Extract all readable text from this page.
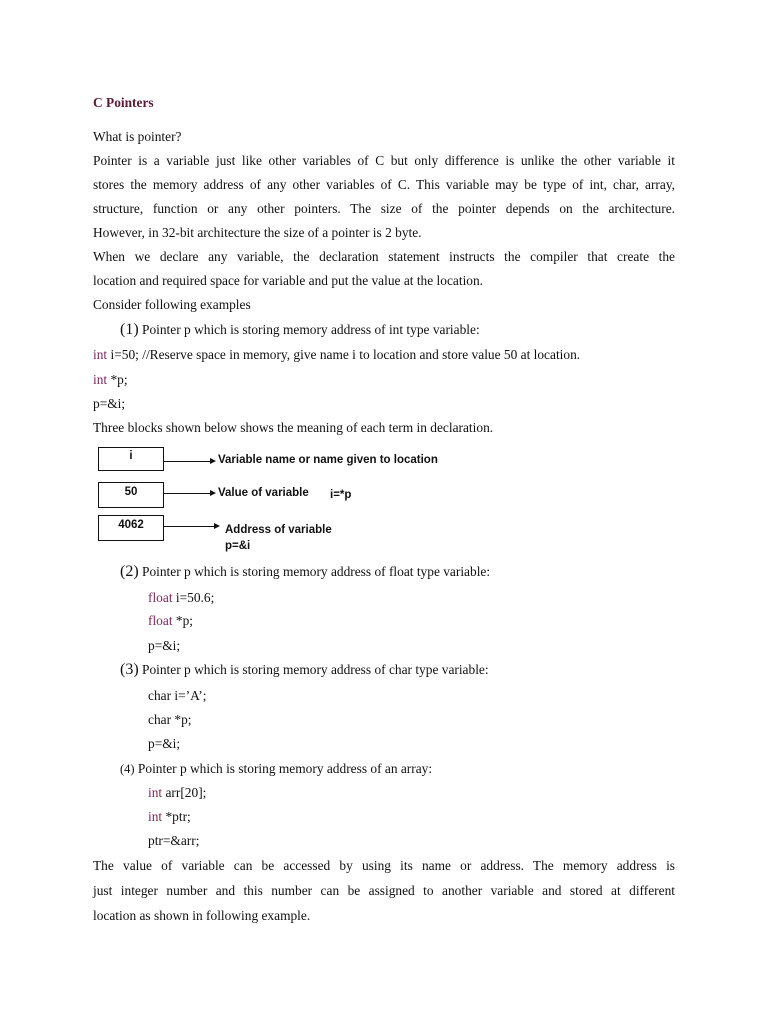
C Pointers
What is pointer?
Pointer is a variable just like other variables of C but only difference is unlike the other variable it
stores the memory address of any other variables of C. This variable may be type of int, char, array,
structure, function or any other pointers. The size of the pointer depends on the architecture.
However, in 32-bit architecture the size of a pointer is 2 byte.
When we declare any variable, the declaration statement instructs the compiler that create the
location and required space for variable and put the value at the location.
Consider following examples
(1) Pointer p which is storing memory address of int type variable:
int i=50; //Reserve space in memory, give name i to location and store value 50 at location.
int *p;
p=&i;
Three blocks shown below shows the meaning of each term in declaration.
i	Variable name or name given to location
50	Value of variable i=*p
4062	Address of variable
p=&i
(2) Pointer p which is storing memory address of float type variable:
float i=50.6;
float *p;
p=&i;
(3) Pointer p which is storing memory address of char type variable:
char i=’A’;
char *p;
p=&i;
(4) Pointer p which is storing memory address of an array:
int arr[20];
int *ptr;
ptr=&arr;
The value of variable can be accessed by using its name or address. The memory address is
just integer number and this number can be assigned to another variable and stored at different
location as shown in following example.
